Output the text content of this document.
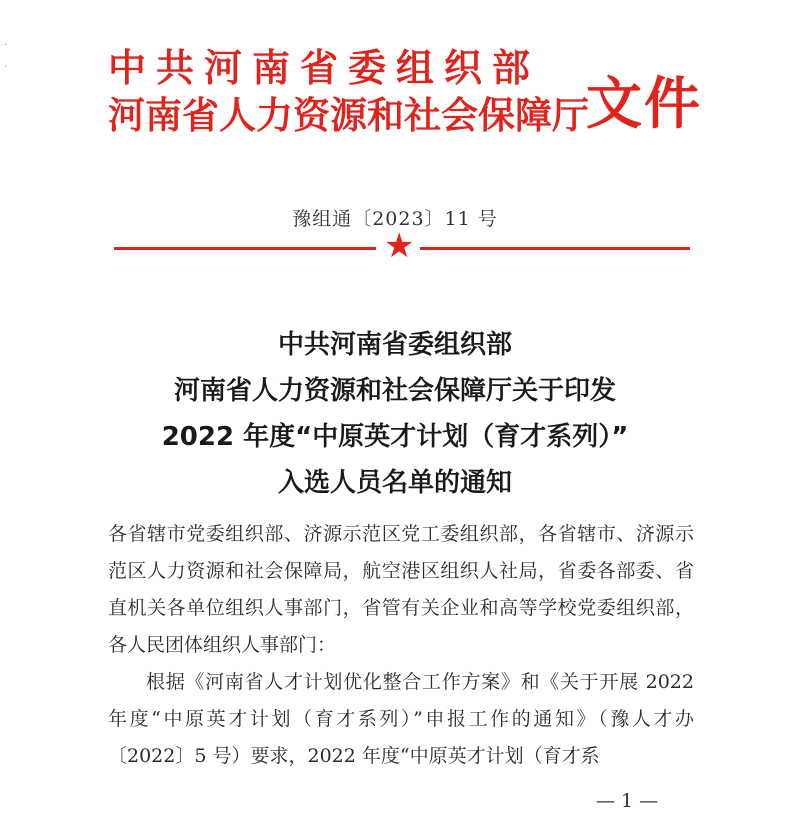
·
·	中共河南省委组织部
河南省人力资源和社会保障厅
文件
豫组通〔2023〕11 号
★
中共河南省委组织部
河南省人力资源和社会保障厅关于印发
2022 年度“中原英才计划（育才系列）”
入选人员名单的通知

各省辖市党委组织部、济源示范区党工委组织部，各省辖市、济源示范区人力资源和社会保障局，航空港区组织人社局，省委各部委、省直机关各单位组织人事部门，省管有关企业和高等学校党委组织部，各人民团体组织人事部门：

根据《河南省人才计划优化整合工作方案》和《关于开展 2022 年度“中原英才计划（育才系列）”申报工作的通知》（豫人才办〔2022〕5 号）要求，2022 年度“中原英才计划（育才系

— 1 —
